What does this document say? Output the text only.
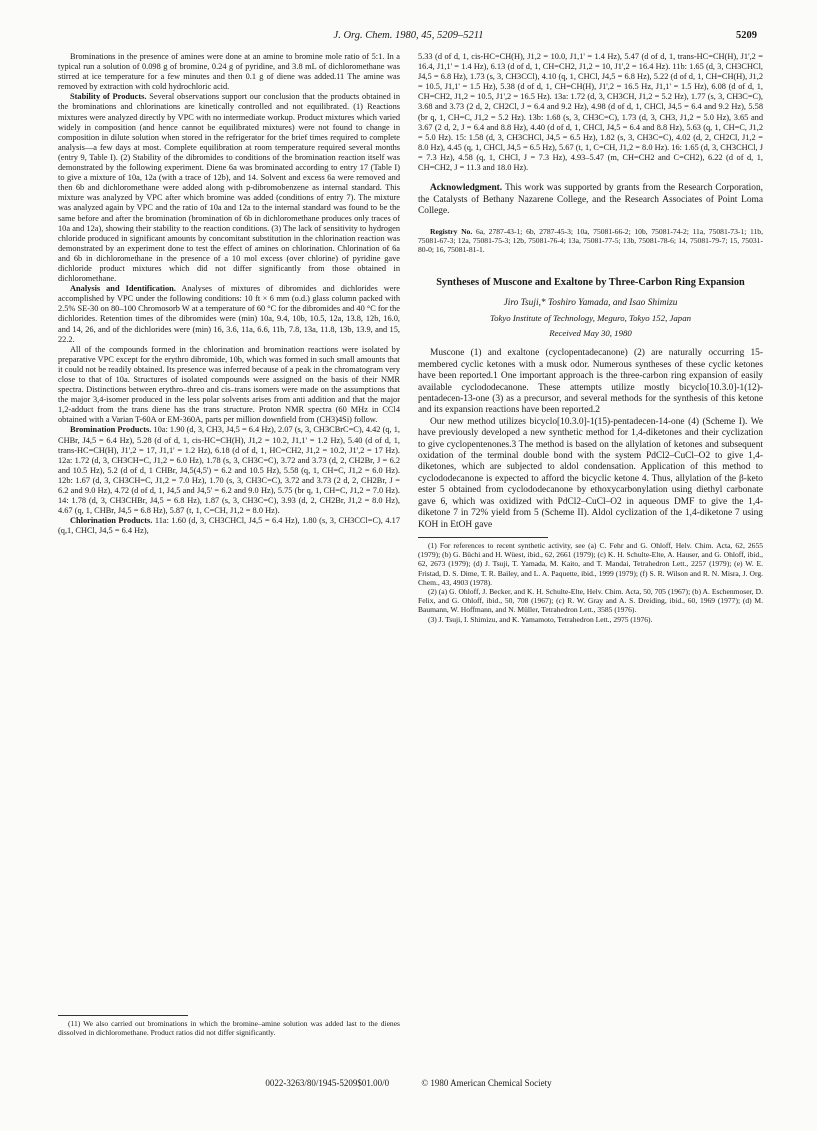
J. Org. Chem. 1980, 45, 5209–5211	5209

Brominations in the presence of amines were done at an amine to bromine mole ratio of 5:1. In a typical run a solution of 0.098 g of bromine, 0.24 g of pyridine, and 3.8 mL of dichloromethane was stirred at ice temperature for a few minutes and then 0.1 g of diene was added.11 The amine was removed by extraction with cold hydrochloric acid.

Stability of Products. Several observations support our conclusion that the products obtained in the brominations and chlorinations are kinetically controlled and not equilibrated. (1) Reactions mixtures were analyzed directly by VPC with no intermediate workup. Product mixtures which varied widely in composition (and hence cannot be equilibrated mixtures) were not found to change in composition in dilute solution when stored in the refrigerator for the brief times required to complete analysis—a few days at most. Complete equilibration at room temperature required several months (entry 9, Table I). (2) Stability of the dibromides to conditions of the bromination reaction itself was demonstrated by the following experiment. Diene 6a was brominated according to entry 17 (Table I) to give a mixture of 10a, 12a (with a trace of 12b), and 14. Solvent and excess 6a were removed and then 6b and dichloromethane were added along with p-dibromobenzene as internal standard. This mixture was analyzed by VPC after which bromine was added (conditions of entry 7). The mixture was analyzed again by VPC and the ratio of 10a and 12a to the internal standard was found to be the same before and after the bromination (bromination of 6b in dichloromethane produces only traces of 10a and 12a), showing their stability to the reaction conditions. (3) The lack of sensitivity to hydrogen chloride produced in significant amounts by concomitant substitution in the chlorination reaction was demonstrated by an experiment done to test the effect of amines on chlorination. Chlorination of 6a and 6b in dichloromethane in the presence of a 10 mol excess (over chlorine) of pyridine gave dichloride product mixtures which did not differ significantly from those obtained in dichloromethane.

Analysis and Identification. Analyses of mixtures of dibromides and dichlorides were accomplished by VPC under the following conditions: 10 ft × 6 mm (o.d.) glass column packed with 2.5% SE-30 on 80–100 Chromosorb W at a temperature of 60 °C for the dibromides and 40 °C for the dichlorides. Retention times of the dibromides were (min) 10a, 9.4, 10b, 10.5, 12a, 13.8, 12b, 16.0, and 14, 26, and of the dichlorides were (min) 16, 3.6, 11a, 6.6, 11b, 7.8, 13a, 11.8, 13b, 13.9, and 15, 22.2.

All of the compounds formed in the chlorination and bromination reactions were isolated by preparative VPC except for the erythro dibromide, 10b, which was formed in such small amounts that it could not be readily obtained. Its presence was inferred because of a peak in the chromatogram very close to that of 10a. Structures of isolated compounds were assigned on the basis of their NMR spectra. Distinctions between erythro–threo and cis–trans isomers were made on the assumptions that the major 3,4-isomer produced in the less polar solvents arises from anti addition and that the major 1,2-adduct from the trans diene has the trans structure. Proton NMR spectra (60 MHz in CCl4 obtained with a Varian T-60A or EM-360A, parts per million downfield from (CH3)4Si) follow.

Bromination Products. 10a: 1.90 (d, 3, CH3, J4,5 = 6.4 Hz), 2.07 (s, 3, CH3CBrC=C), 4.42 (q, 1, CHBr, J4,5 = 6.4 Hz), 5.28 (d of d, 1, cis-HC=CH(H), J1,2 = 10.2, J1,1' = 1.2 Hz), 5.40 (d of d, 1, trans-HC=CH(H), J1',2 = 17, J1,1' = 1.2 Hz), 6.18 (d of d, 1, HC=CH2, J1,2 = 10.2, J1',2 = 17 Hz). 12a: 1.72 (d, 3, CH3CH=C, J1,2 = 6.0 Hz), 1.78 (s, 3, CH3C=C), 3.72 and 3.73 (d, 2, CH2Br, J = 6.2 and 10.5 Hz), 5.2 (d of d, 1 CHBr, J4,5(4,5') = 6.2 and 10.5 Hz), 5.58 (q, 1, CH=C, J1,2 = 6.0 Hz). 12b: 1.67 (d, 3, CH3CH=C, J1,2 = 7.0 Hz), 1.70 (s, 3, CH3C=C), 3.72 and 3.73 (2 d, 2, CH2Br, J = 6.2 and 9.0 Hz), 4.72 (d of d, 1, J4,5 and J4,5' = 6.2 and 9.0 Hz), 5.75 (br q, 1, CH=C, J1,2 = 7.0 Hz). 14: 1.78 (d, 3, CH3CHBr, J4,5 = 6.8 Hz), 1.87 (s, 3, CH3C=C), 3.93 (d, 2, CH2Br, J1,2 = 8.0 Hz), 4.67 (q, 1, CHBr, J4,5 = 6.8 Hz), 5.87 (t, 1, C=CH, J1,2 = 8.0 Hz).

Chlorination Products. 11a: 1.60 (d, 3, CH3CHCl, J4,5 = 6.4 Hz), 1.80 (s, 3, CH3CCl=C), 4.17 (q,1, CHCl, J4,5 = 6.4 Hz),

(11) We also carried out brominations in which the bromine–amine solution was added last to the dienes dissolved in dichloromethane. Product ratios did not differ significantly.

5.33 (d of d, 1, cis-HC=CH(H), J1,2 = 10.0, J1,1' = 1.4 Hz), 5.47 (d of d, 1, trans-HC=CH(H), J1',2 = 16.4, J1,1' = 1.4 Hz), 6.13 (d of d, 1, CH=CH2, J1,2 = 10, J1',2 = 16.4 Hz). 11b: 1.65 (d, 3, CH3CHCl, J4,5 = 6.8 Hz), 1.73 (s, 3, CH3CCl), 4.10 (q, 1, CHCl, J4,5 = 6.8 Hz), 5.22 (d of d, 1, CH=CH(H), J1,2 = 10.5, J1,1' = 1.5 Hz), 5.38 (d of d, 1, CH=CH(H), J1',2 = 16.5 Hz, J1,1' = 1.5 Hz), 6.08 (d of d, 1, CH=CH2, J1,2 = 10.5, J1',2 = 16.5 Hz). 13a: 1.72 (d, 3, CH3CH, J1,2 = 5.2 Hz), 1.77 (s, 3, CH3C=C), 3.68 and 3.73 (2 d, 2, CH2Cl, J = 6.4 and 9.2 Hz), 4.98 (d of d, 1, CHCl, J4,5 = 6.4 and 9.2 Hz), 5.58 (br q, 1, CH=C, J1,2 = 5.2 Hz). 13b: 1.68 (s, 3, CH3C=C), 1.73 (d, 3, CH3, J1,2 = 5.0 Hz), 3.65 and 3.67 (2 d, 2, J = 6.4 and 8.8 Hz), 4.40 (d of d, 1, CHCl, J4,5 = 6.4 and 8.8 Hz), 5.63 (q, 1, CH=C, J1,2 = 5.0 Hz). 15: 1.58 (d, 3, CH3CHCl, J4,5 = 6.5 Hz), 1.82 (s, 3, CH3C=C), 4.02 (d, 2, CH2Cl, J1,2 = 8.0 Hz), 4.45 (q, 1, CHCl, J4,5 = 6.5 Hz), 5.67 (t, 1, C=CH, J1,2 = 8.0 Hz). 16: 1.65 (d, 3, CH3CHCl, J = 7.3 Hz), 4.58 (q, 1, CHCl, J = 7.3 Hz), 4.93–5.47 (m, CH=CH2 and C=CH2), 6.22 (d of d, 1, CH=CH2, J = 11.3 and 18.0 Hz).

Acknowledgment. This work was supported by grants from the Research Corporation, the Catalysts of Bethany Nazarene College, and the Research Associates of Point Loma College.

Registry No. 6a, 2787-43-1; 6b, 2787-45-3; 10a, 75081-66-2; 10b, 75081-74-2; 11a, 75081-73-1; 11b, 75081-67-3; 12a, 75081-75-3; 12b, 75081-76-4; 13a, 75081-77-5; 13b, 75081-78-6; 14, 75081-79-7; 15, 75031-80-0; 16, 75081-81-1.

Syntheses of Muscone and Exaltone by Three-Carbon Ring Expansion
Jiro Tsuji,* Toshiro Yamada, and Isao Shimizu
Tokyo Institute of Technology, Meguro, Tokyo 152, Japan
Received May 30, 1980

Muscone (1) and exaltone (cyclopentadecanone) (2) are naturally occurring 15-membered cyclic ketones with a musk odor. Numerous syntheses of these cyclic ketones have been reported.1 One important approach is the three-carbon ring expansion of easily available cyclododecanone. These attempts utilize mostly bicyclo[10.3.0]-1(12)-pentadecen-13-one (3) as a precursor, and several methods for the synthesis of this ketone and its expansion reactions have been reported.2

Our new method utilizes bicyclo[10.3.0]-1(15)-pentadecen-14-one (4) (Scheme I). We have previously developed a new synthetic method for 1,4-diketones and their cyclization to give cyclopentenones.3 The method is based on the allylation of ketones and subsequent oxidation of the terminal double bond with the system PdCl2–CuCl–O2 to give 1,4-diketones, which are subjected to aldol condensation. Application of this method to cyclododecanone is expected to afford the bicyclic ketone 4. Thus, allylation of the β-keto ester 5 obtained from cyclododecanone by ethoxycarbonylation using diethyl carbonate gave 6, which was oxidized with PdCl2–CuCl–O2 in aqueous DMF to give the 1,4-diketone 7 in 72% yield from 5 (Scheme II). Aldol cyclization of the 1,4-diketone 7 using KOH in EtOH gave

(1) For references to recent synthetic activity, see (a) C. Fehr and G. Ohloff, Helv. Chim. Acta, 62, 2655 (1979); (b) G. Büchi and H. Wüest, ibid., 62, 2661 (1979); (c) K. H. Schulte-Elte, A. Hauser, and G. Ohloff, ibid., 62, 2673 (1979); (d) J. Tsuji, T. Yamada, M. Kaito, and T. Mandai, Tetrahedron Lett., 2257 (1979); (e) W. E. Fristad, D. S. Dime, T. R. Bailey, and L. A. Paquette, ibid., 1999 (1979); (f) S. R. Wilson and R. N. Misra, J. Org. Chem., 43, 4903 (1978).

(2) (a) G. Ohloff, J. Becker, and K. H. Schulte-Elte, Helv. Chim. Acta, 50, 705 (1967); (b) A. Eschenmoser, D. Felix, and G. Ohloff, ibid., 50, 708 (1967); (c) R. W. Gray and A. S. Dreiding, ibid., 60, 1969 (1977); (d) M. Baumann, W. Hoffmann, and N. Müller, Tetrahedron Lett., 3585 (1976).

(3) J. Tsuji, I. Shimizu, and K. Yamamoto, Tetrahedron Lett., 2975 (1976).

0022-3263/80/1945-5209$01.00/0	© 1980 American Chemical Society
